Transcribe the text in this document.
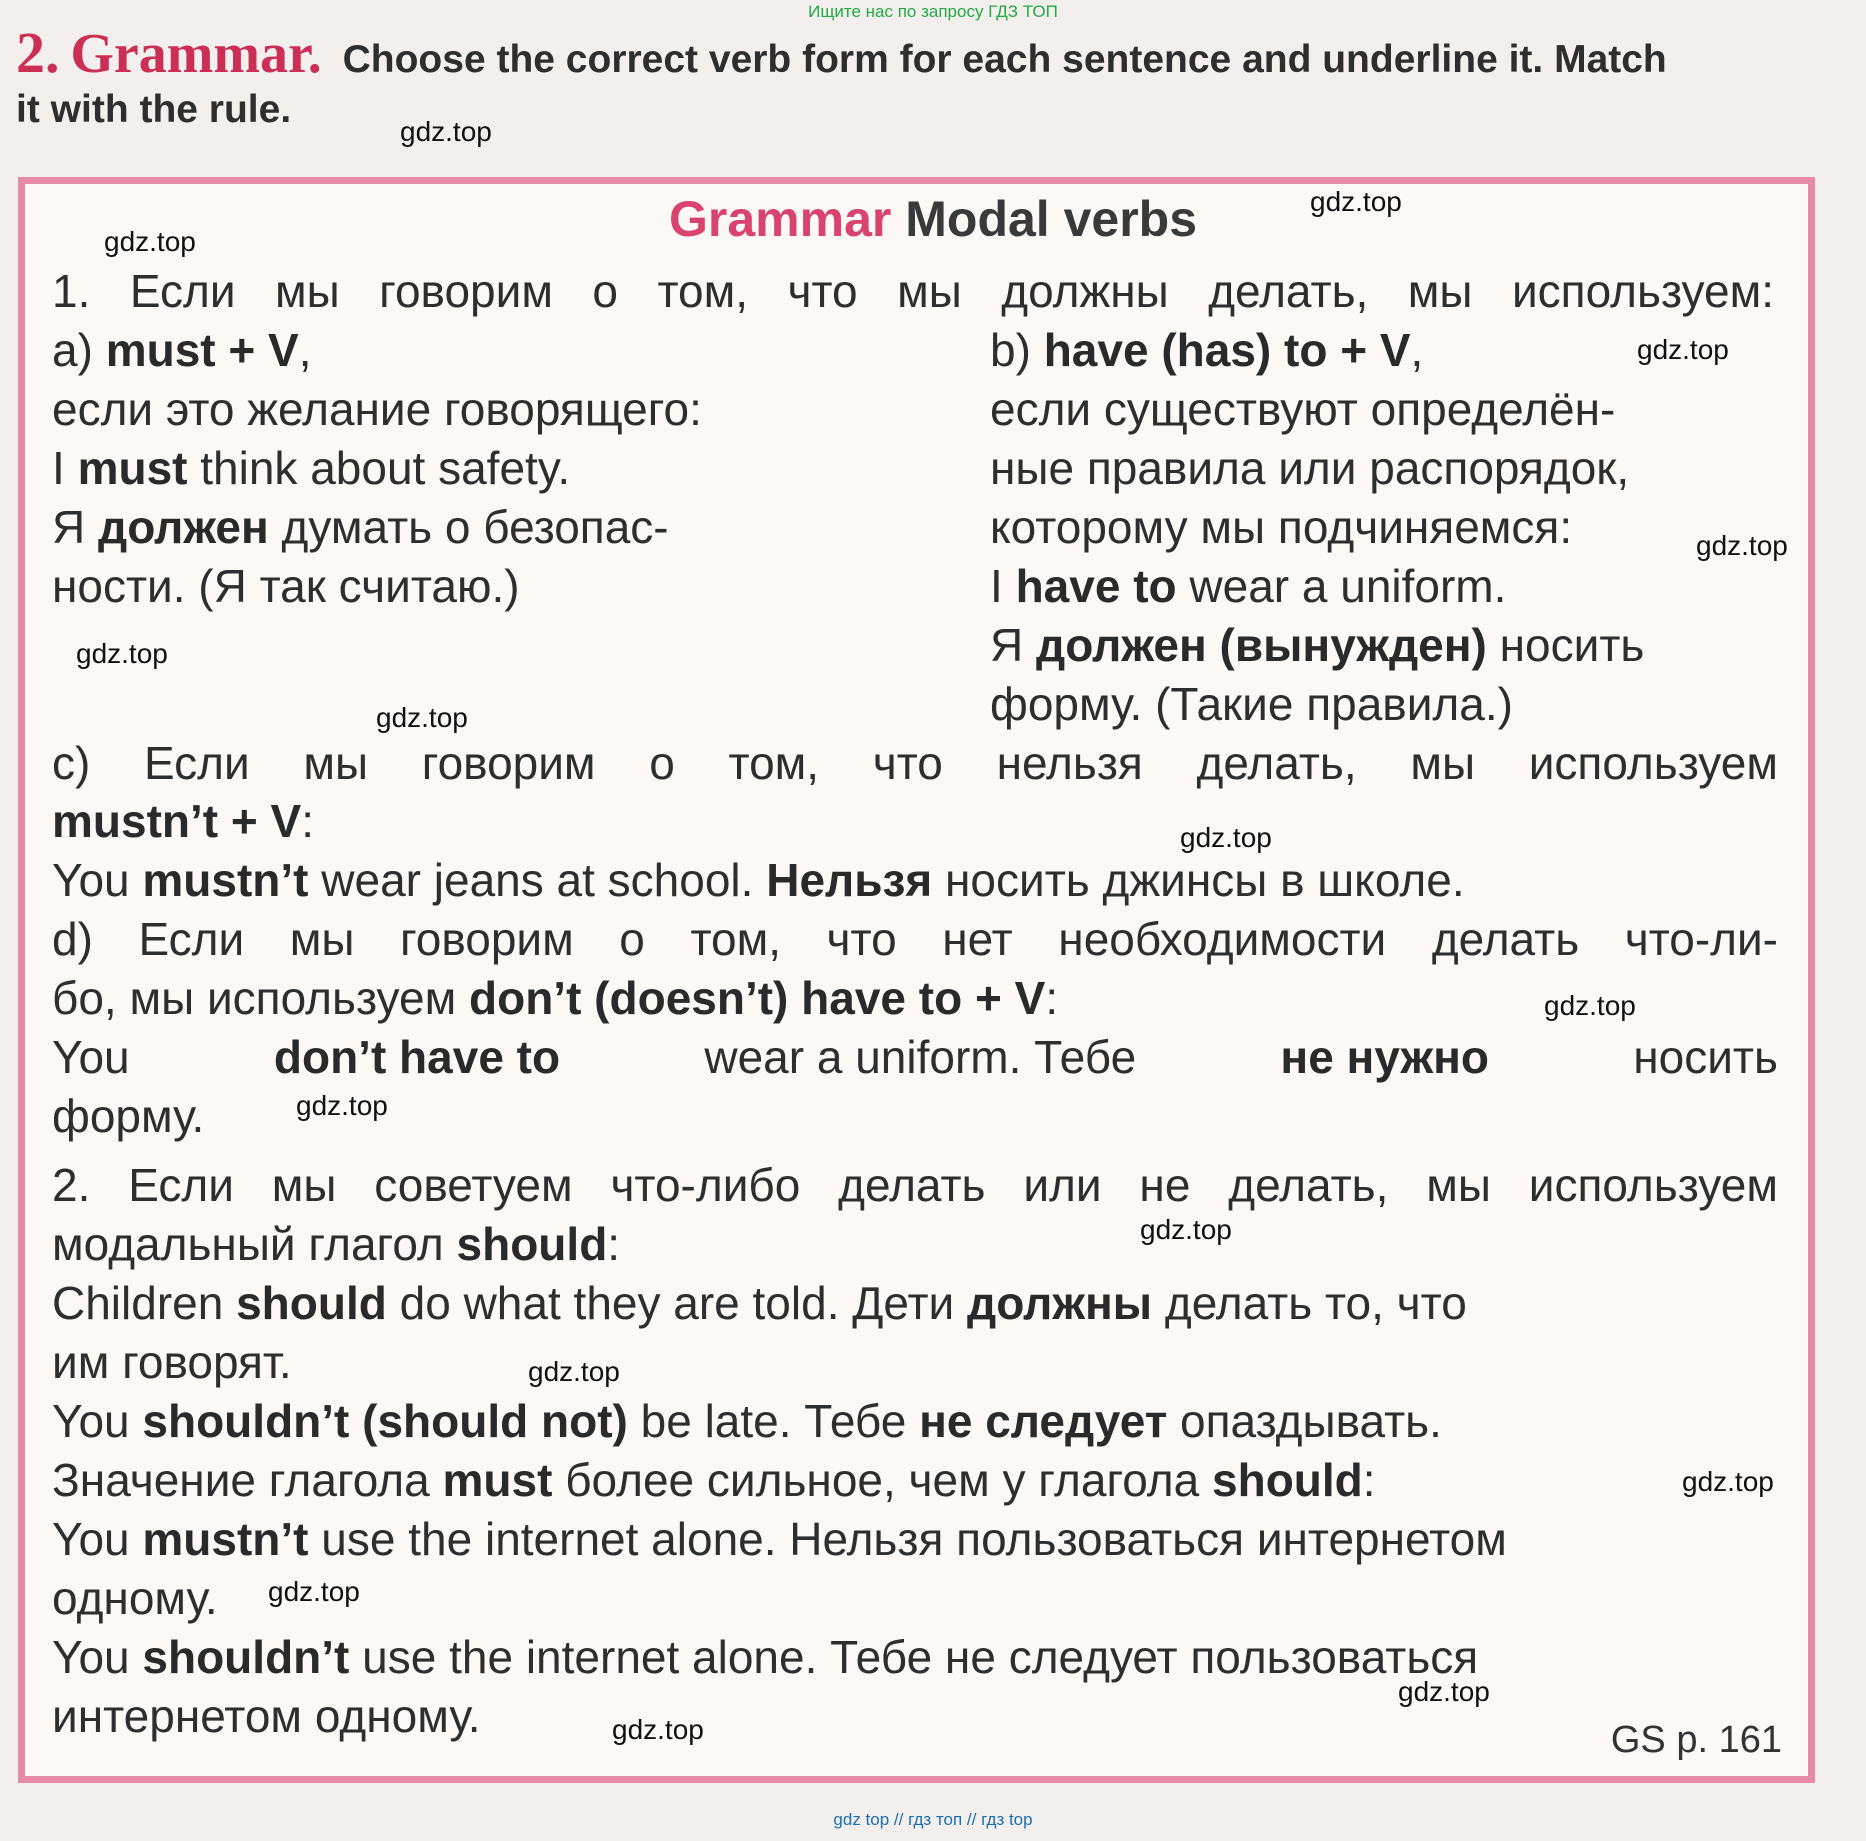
Ищите нас по запросу ГДЗ ТОП
2. Grammar. Choose the correct verb form for each sentence and underline it. Match
it with the rule.
Grammar Modal verbs
1. Если мы говорим о том, что мы должны делать, мы используем:
a) must + V,
если это желание говорящего:
I must think about safety.
Я должен думать о безопас-
ности. (Я так считаю.)
b) have (has) to + V,
если существуют определён-
ные правила или распорядок,
которому мы подчиняемся:
I have to wear a uniform.
Я должен (вынужден) носить
форму. (Такие правила.)
c) Если мы говорим о том, что нельзя делать, мы используем
mustn’t + V:
You mustn’t wear jeans at school. Нельзя носить джинсы в школе.
d) Если мы говорим о том, что нет необходимости делать что-ли-
бо, мы используем don’t (doesn’t) have to + V:
You	don’t have to	wear a uniform. Тебе	не нужно	носить
форму.
2. Если мы советуем что-либо делать или не делать, мы используем
модальный глагол should:
Children should do what they are told. Дети должны делать то, что
им говорят.
You shouldn’t (should not) be late. Тебе не следует опаздывать.
Значение глагола must более сильное, чем у глагола should:
You mustn’t use the internet alone. Нельзя пользоваться интернетом
одному.
You shouldn’t use the internet alone. Тебе не следует пользоваться
интернетом одному.	GS p. 161
gdz.top
gdz.top
gdz.top
gdz.top
gdz.top
gdz.top
gdz.top
gdz.top
gdz.top
gdz.top
gdz.top
gdz.top
gdz.top
gdz.top
gdz.top
gdz.top
gdz top // гдз топ // гдз top
